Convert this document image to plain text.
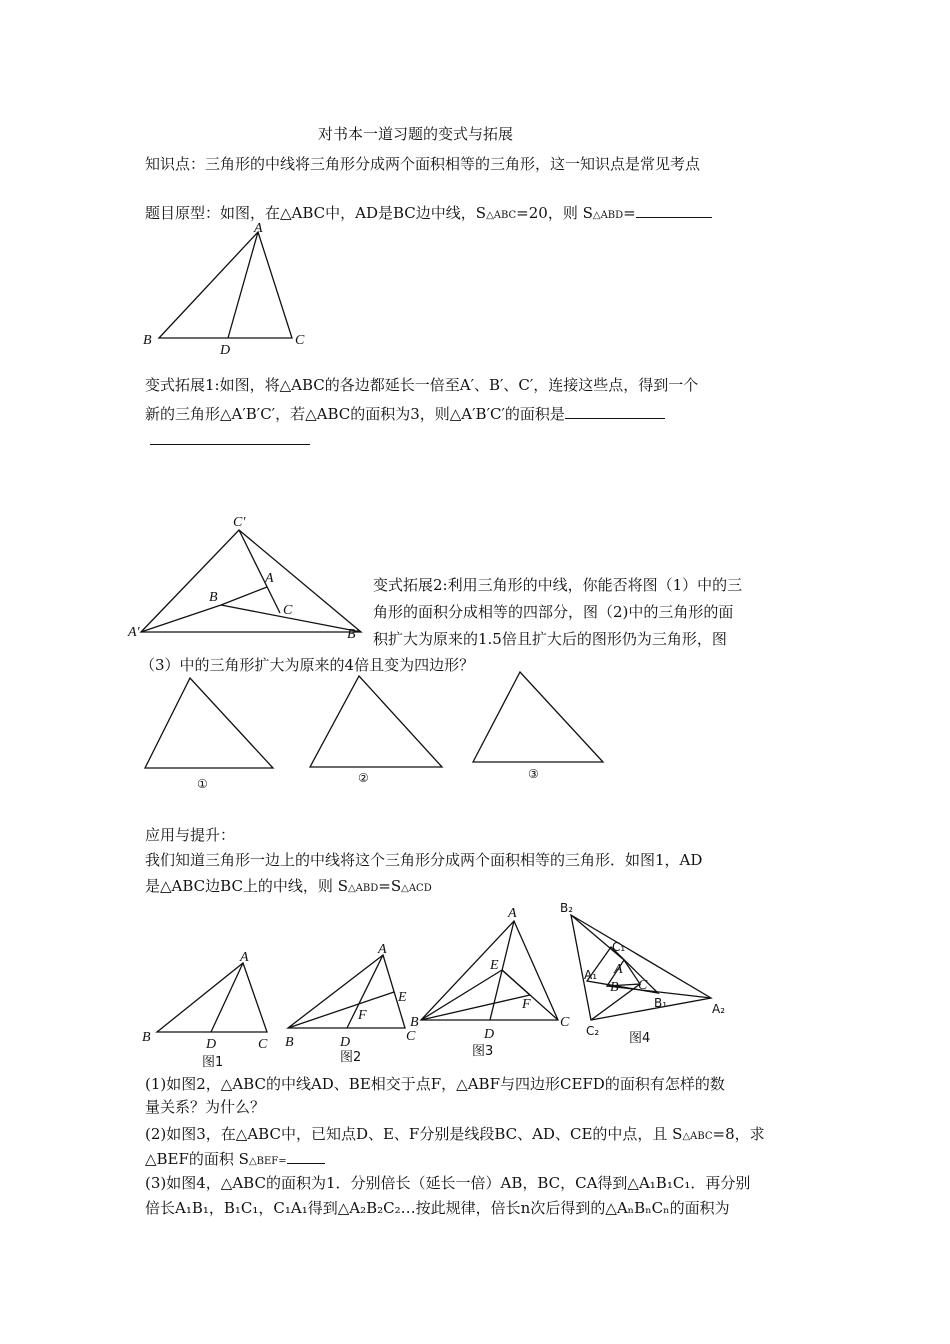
对书本一道习题的变式与拓展
知识点：三角形的中线将三角形分成两个面积相等的三角形，这一知识点是常见考点
题目原型：如图，在△ABC中，AD是BC边中线，S△ABC=20，则 S△ABD=
A
B	C
D
变式拓展1:如图，将△ABC的各边都延长一倍至A′、B′、C′，连接这些点，得到一个
新的三角形△A′B′C′，若△ABC的面积为3，则△A′B′C′的面积是
C′
A′	B′
A
B
C
变式拓展2:利用三角形的中线，你能否将图（1）中的三
角形的面积分成相等的四部分，图（2)中的三角形的面
积扩大为原来的1.5倍且扩大后的图形仍为三角形，图
（3）中的三角形扩大为原来的4倍且变为四边形？
①	②	③
应用与提升：
我们知道三角形一边上的中线将这个三角形分成两个面积相等的三角形．如图1，AD
是△ABC边BC上的中线，则 S△ABD=S△ACD
A
B	C
D
图1
A
B	C
D
E
F
图2
A
B	C
D
E
F
图3
B₂
C₁
A₁ A
B C
B₁	A₂
C₂ 图4
(1)如图2，△ABC的中线AD、BE相交于点F，△ABF与四边形CEFD的面积有怎样的数
量关系？为什么？
(2)如图3，在△ABC中，已知点D、E、F分别是线段BC、AD、CE的中点，且 S△ABC=8，求
△BEF的面积 S△BEF=
(3)如图4，△ABC的面积为1．分别倍长（延长一倍）AB，BC，CA得到△A₁B₁C₁．再分别
倍长A₁B₁，B₁C₁，C₁A₁得到△A₂B₂C₂…按此规律，倍长n次后得到的△AₙBₙCₙ的面积为
